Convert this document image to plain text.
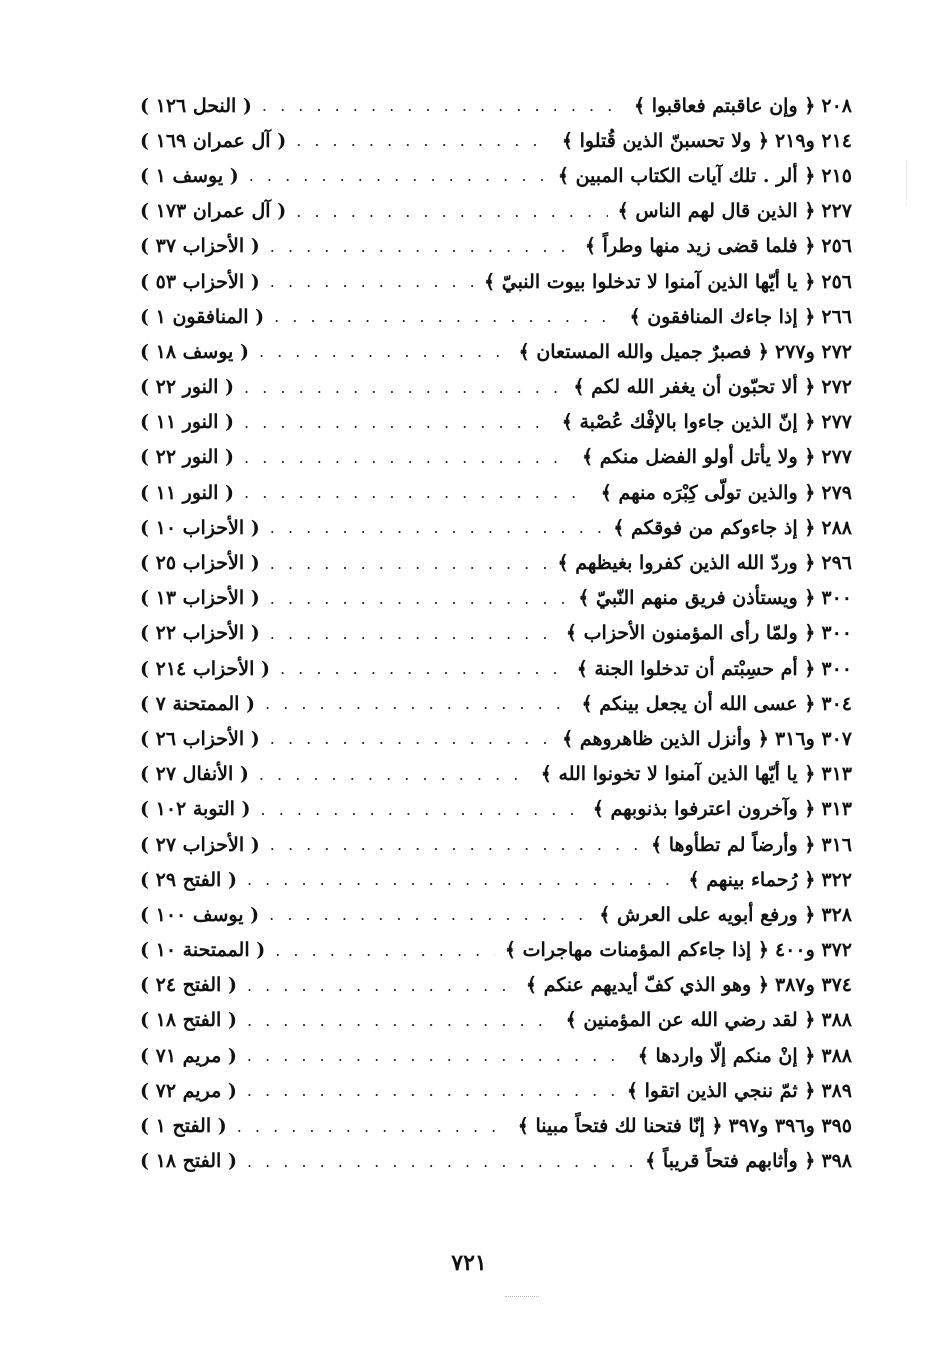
٢٠٨
﴿ وإن عاقبتم فعاقبوا ﴾
. . .
( النحل ١٢٦ )
٢١٤ و٢١٩
﴿ ولا تحسبنّ الذين قُتلوا ﴾
. . .
( آل عمران ١٦٩ )
٢١٥
﴿ ألر . تلك آيات الكتاب المبين ﴾
. . .
( يوسف ١ )
٢٢٧
﴿ الذين قال لهم الناس ﴾
. . .
( آل عمران ١٧٣ )
٢٥٦
﴿ فلما قضى زيد منها وطراً ﴾
. . .
( الأحزاب ٣٧ )
٢٥٦
﴿ يا أيّها الذين آمنوا لا تدخلوا بيوت النبيّ ﴾
. . .
( الأحزاب ٥٣ )
٢٦٦
﴿ إذا جاءك المنافقون ﴾
. . .
( المنافقون ١ )
٢٧٢ و٢٧٧
﴿ فصبرٌ جميل والله المستعان ﴾
. . .
( يوسف ١٨ )
٢٧٢
﴿ ألا تحبّون أن يغفر الله لكم ﴾
. . .
( النور ٢٢ )
٢٧٧
﴿ إنّ الذين جاءوا بالإفْك عُصْبة ﴾
. . .
( النور ١١ )
٢٧٧
﴿ ولا يأتل أولو الفضل منكم ﴾
. . .
( النور ٢٢ )
٢٧٩
﴿ والذين تولّى كِبْرَه منهم ﴾
. . .
( النور ١١ )
٢٨٨
﴿ إذ جاءوكم من فوقكم ﴾
. . .
( الأحزاب ١٠ )
٢٩٦
﴿ وردّ الله الذين كفروا بغيظهم ﴾
. . .
( الأحزاب ٢٥ )
٣٠٠
﴿ ويستأذن فريق منهم النّبيّ ﴾
. . .
( الأحزاب ١٣ )
٣٠٠
﴿ ولمّا رأى المؤمنون الأحزاب ﴾
. . .
( الأحزاب ٢٢ )
٣٠٠
﴿ أم حسِبْتم أن تدخلوا الجنة ﴾
. . .
( الأحزاب ٢١٤ )
٣٠٤
﴿ عسى الله أن يجعل بينكم ﴾
. . .
( الممتحنة ٧ )
٣٠٧ و٣١٦
﴿ وأنزل الذين ظاهروهم ﴾
. . .
( الأحزاب ٢٦ )
٣١٣
﴿ يا أيّها الذين آمنوا لا تخونوا الله ﴾
. . .
( الأنفال ٢٧ )
٣١٣
﴿ وآخرون اعترفوا بذنوبهم ﴾
. . .
( التوبة ١٠٢ )
٣١٦
﴿ وأرضاً لم تطأوها ﴾
. . .
( الأحزاب ٢٧ )
٣٢٢
﴿ رُحماء بينهم ﴾
. . .
( الفتح ٢٩ )
٣٢٨
﴿ ورفع أبويه على العرش ﴾
. . .
( يوسف ١٠٠ )
٣٧٢ و٤٠٠
﴿ إذا جاءكم المؤمنات مهاجرات ﴾
. . .
( الممتحنة ١٠ )
٣٧٤ و٣٨٧
﴿ وهو الذي كفّ أيديهم عنكم ﴾
. . .
( الفتح ٢٤ )
٣٨٨
﴿ لقد رضي الله عن المؤمنين ﴾
. . .
( الفتح ١٨ )
٣٨٨
﴿ إنْ منكم إلّا واردها ﴾
. . .
( مريم ٧١ )
٣٨٩
﴿ ثمّ ننجي الذين اتقوا ﴾
. . .
( مريم ٧٢ )
٣٩٥ و٣٩٦ و٣٩٧
﴿ إنّا فتحنا لك فتحاً مبينا ﴾
. . .
( الفتح ١ )
٣٩٨
﴿ وأثابهم فتحاً قريباً ﴾
. . .
( الفتح ١٨ )
٧٢١
